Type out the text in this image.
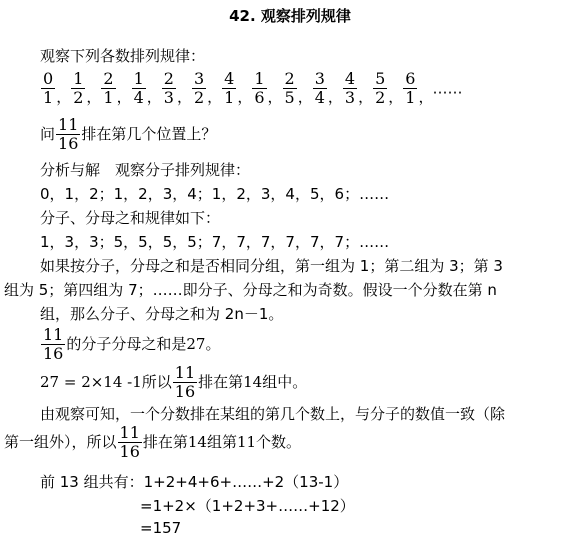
42. 观察排列规律
观察下列各数排列规律：
$\frac{0}{1}$ ， $\frac{1}{2}$ ， $\frac{2}{1}$ ， $\frac{1}{4}$ ， $\frac{2}{3}$ ， $\frac{3}{2}$ ， $\frac{4}{1}$ ， $\frac{1}{6}$ ， $\frac{2}{5}$ ， $\frac{3}{4}$ ， $\frac{4}{3}$ ， $\frac{5}{2}$ ， $\frac{6}{1}$ ，……
问 $\frac{11}{16}$ 排在第几个位置上？
分析与解　观察分子排列规律：
0，1，2；1，2，3，4；1，2，3，4，5，6；……
分子、分母之和规律如下：
1，3，3；5，5，5，5；7，7，7，7，7，7；……
如果按分子，分母之和是否相同分组，第一组为 1；第二组为 3；第 3
组为 5；第四组为 7；……即分子、分母之和为奇数。假设一个分数在第 n
组，那么分子、分母之和为 2n－1。
$\frac{11}{16}$ 的分子分母之和是27。
27 = 2×14 -1所以 $\frac{11}{16}$ 排在第14组中。
由观察可知，一个分数排在某组的第几个数上，与分子的数值一致（除
第一组外），所以 $\frac{11}{16}$ 排在第14组第11个数。
前 13 组共有：1+2+4+6+……+2（13-1）
=1+2×（1+2+3+……+12）
=157
